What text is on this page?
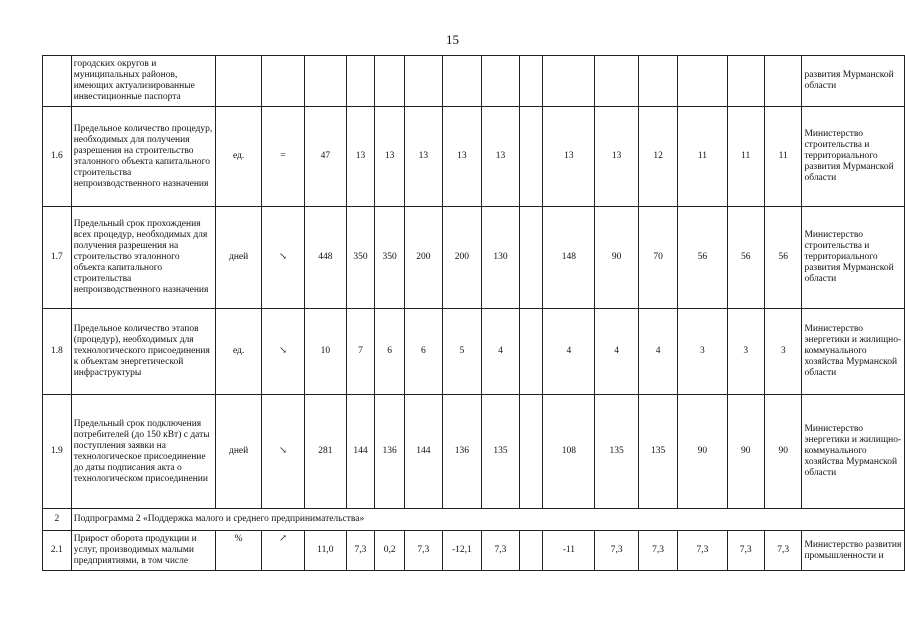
15
	городских округов и муниципальных районов, имеющих актуализированные инвестиционные паспорта																развития Мурманской области
1.6	Предельное количество процедур, необходимых для получения разрешения на строительство эталонного объекта капитального строительства непроизводственного назначения	ед.	=	47	13	13	13	13	13		13	13	12	11	11	11	Министерство строительства и территориального развития Мурманской области
1.7	Предельный срок прохождения всех процедур, необходимых для получения разрешения на строительство эталонного объекта капитального строительства непроизводственного назначения	дней	↘	448	350	350	200	200	130		148	90	70	56	56	56	Министерство строительства и территориального развития Мурманской области
1.8	Предельное количество этапов (процедур), необходимых для технологического присоединения к объектам энергетической инфраструктуры	ед.	↘	10	7	6	6	5	4		4	4	4	3	3	3	Министерство энергетики и жилищно-коммунального хозяйства Мурманской области
1.9	Предельный срок подключения потребителей (до 150 кВт) с даты поступления заявки на технологическое присоединение до даты подписания акта о технологическом присоединении	дней	↘	281	144	136	144	136	135		108	135	135	90	90	90	Министерство энергетики и жилищно-коммунального хозяйства Мурманской области
2	Подпрограмма 2 «Поддержка малого и среднего предпринимательства»																
2.1	Прирост оборота продукции и услуг, производимых малыми предприятиями, в том числе	%	↗	11,0	7,3	0,2	7,3	-12,1	7,3		-11	7,3	7,3	7,3	7,3	7,3	Министерство развития промышленности и
